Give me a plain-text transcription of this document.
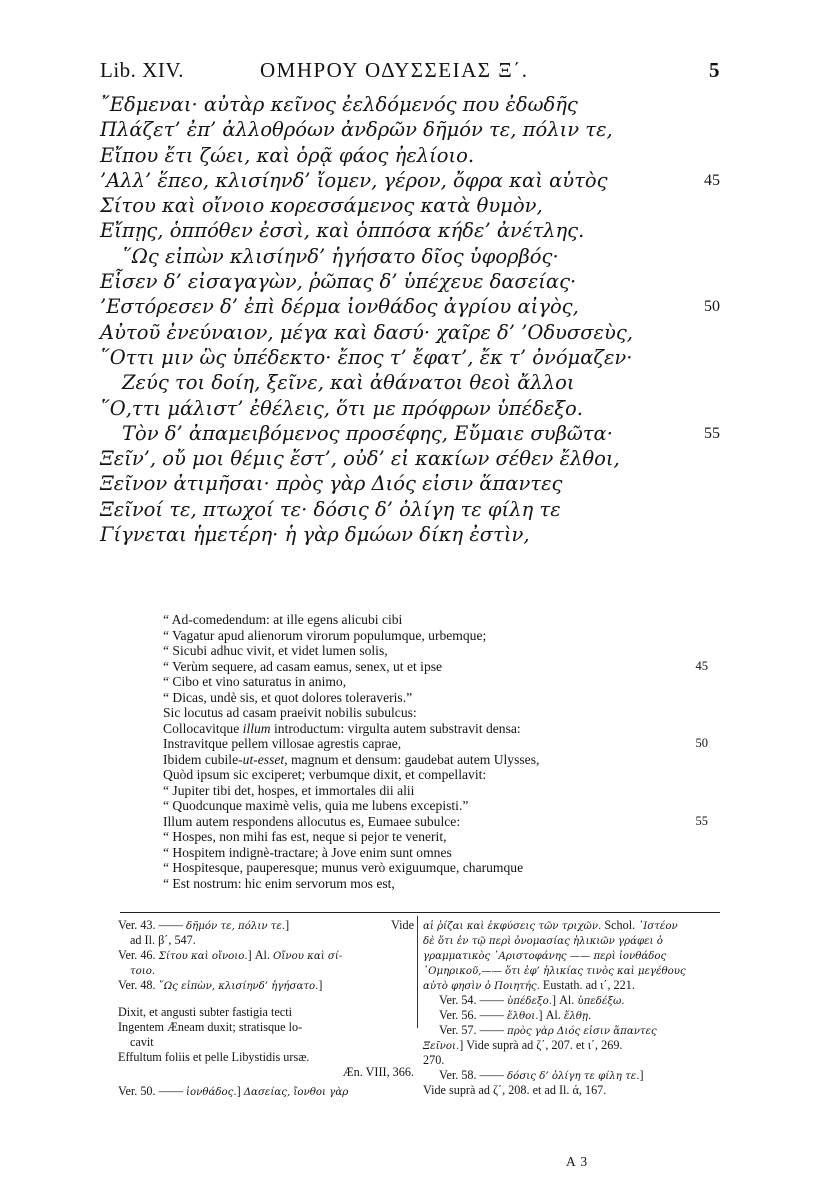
Lib. XIV.	ΟΜΗΡΟΥ ΟΔΥΣΣΕΙΑΣ Ξ΄.	5
῎Εδμεναι· αὐτὰρ κεῖνος ἐελδόμενός που ἐδωδῆς
Πλάζετ’ ἐπ’ ἀλλοθρόων ἀνδρῶν δῆμόν τε, πόλιν τε,
Εἴπου ἔτι ζώει, καὶ ὁρᾷ φάος ἠελίοιο.
’Αλλ’ ἕπεο, κλισίηνδ’ ἴομεν, γέρον, ὄφρα καὶ αὐτὸς	45
Σίτου καὶ οἴνοιο κορεσσάμενος κατὰ θυμὸν,
Εἴπῃς, ὁππόθεν ἐσσὶ, καὶ ὁππόσα κήδε’ ἀνέτλης.
῞Ως εἰπὼν κλισίηνδ’ ἡγήσατο δῖος ὑφορβός·
Εἷσεν δ’ εἰσαγαγὼν, ῥῶπας δ’ ὑπέχευε δασείας·
’Εστόρεσεν δ’ ἐπὶ δέρμα ἰονθάδος ἀγρίου αἰγὸς,	50
Αὐτοῦ ἐνεύναιον, μέγα καὶ δασύ· χαῖρε δ’ ’Οδυσσεὺς,
῞Οττι μιν ὣς ὑπέδεκτο· ἔπος τ’ ἔφατ’, ἔκ τ’ ὀνόμαζεν·
Ζεύς τοι δοίη, ξεῖνε, καὶ ἀθάνατοι θεοὶ ἄλλοι
῞Ο,ττι μάλιστ’ ἐθέλεις, ὅτι με πρόφρων ὑπέδεξο.
Τὸν δ’ ἀπαμειβόμενος προσέφης, Εὔμαιε συβῶτα·	55
Ξεῖν’, οὔ μοι θέμις ἔστ’, οὐδ’ εἰ κακίων σέθεν ἔλθοι,
Ξεῖνον ἀτιμῆσαι· πρὸς γὰρ Διός εἰσιν ἅπαντες
Ξεῖνοί τε, πτωχοί τε· δόσις δ’ ὀλίγη τε φίλη τε
Γίγνεται ἡμετέρη· ἡ γὰρ δμώων δίκη ἐστὶν,
“ Ad-comedendum: at ille egens alicubi cibi
“ Vagatur apud alienorum virorum populumque, urbemque;
“ Sicubi adhuc vivit, et videt lumen solis,
“ Verùm sequere, ad casam eamus, senex, ut et ipse	45
“ Cibo et vino saturatus in animo,
“ Dicas, undè sis, et quot dolores toleraveris.”
Sic locutus ad casam praeivit nobilis subulcus:
Collocavitque illum introductum: virgulta autem substravit densa:
Instravitque pellem villosae agrestis caprae,	50
Ibidem cubile-ut-esset, magnum et densum: gaudebat autem Ulysses,
Quòd ipsum sic exciperet; verbumque dixit, et compellavit:
“ Jupiter tibi det, hospes, et immortales dii alii
“ Quodcunque maximè velis, quia me lubens excepisti.”
Illum autem respondens allocutus es, Eumaee subulce:	55
“ Hospes, non mihi fas est, neque si pejor te venerit,
“ Hospitem indignè-tractare; à Jove enim sunt omnes
“ Hospitesque, pauperesque; munus verò exiguumque, charumque
“ Est nostrum: hic enim servorum mos est,
Ver. 43. —— δῆμόν τε, πόλιν τε.]	Vide
ad Il. β΄, 547.
Ver. 46. Σίτου καὶ οἴνοιο.] Al. Οἴνου καὶ σί-
τοιο.
Ver. 48. ῞Ως εἰπὼν, κλισίηνδ’ ἡγήσατο.]
Dixit, et angusti subter fastigia tecti
Ingentem Æneam duxit; stratisque lo-
cavit
Effultum foliis et pelle Libystidis ursæ.
Æn. VIII, 366.
Ver. 50. —— ἰονθάδος.] Δασείας, ἴονθοι γὰρ
αἱ ῥίζαι καὶ ἐκφύσεις τῶν τριχῶν. Schol. ᾽Ιστέον
δὲ ὅτι ἐν τῷ περὶ ὀνομασίας ἡλικιῶν γράφει ὁ
γραμματικὸς ᾽Αριστοφάνης —— περὶ ἰονθάδος
᾽Ομηρικοῦ,—— ὅτι ἐφ’ ἡλικίας τινὸς καὶ μεγέθους
αὐτὸ φησὶν ὁ Ποιητής. Eustath. ad ι΄, 221.
Ver. 54. —— ὑπέδεξο.] Al. ὑπεδέξω.
Ver. 56. —— ἔλθοι.] Al. ἔλθῃ.
Ver. 57. —— πρὸς γὰρ Διός εἰσιν ἅπαντες
Ξεῖνοι.] Vide suprà ad ζ΄, 207. et ι΄, 269.
270.
Ver. 58. —— δόσις δ’ ὀλίγη τε φίλη τε.]
Vide suprà ad ζ΄, 208. et ad Il. ά, 167.
A 3
